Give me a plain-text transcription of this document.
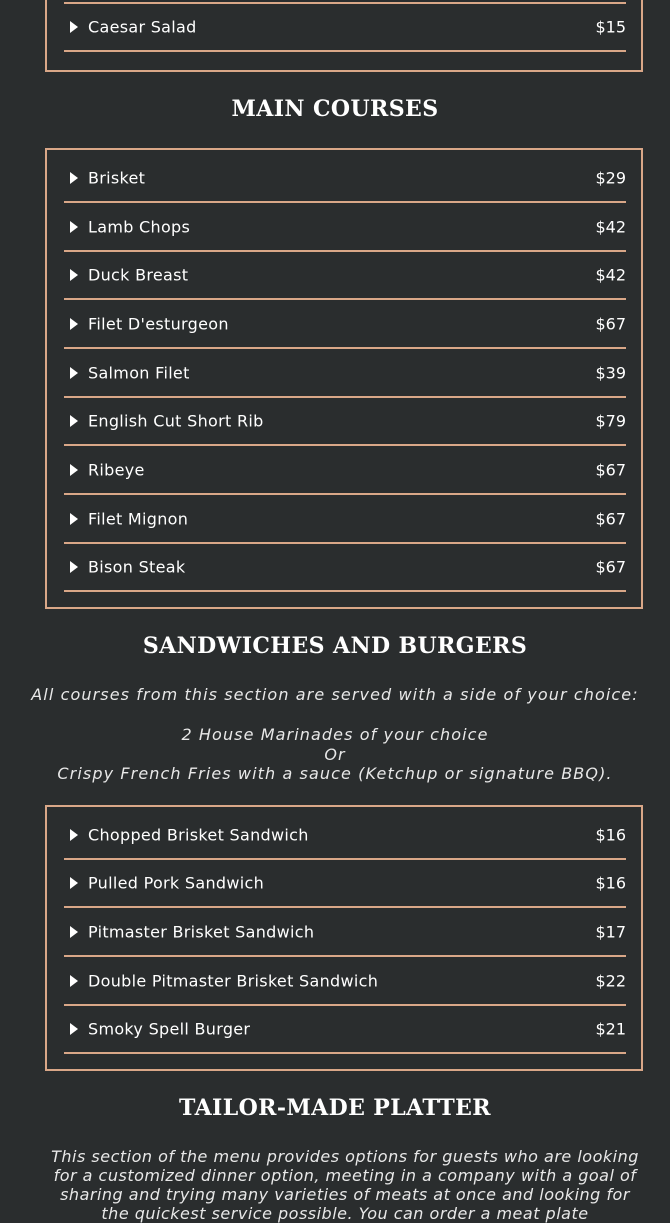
Caesar Salad	$15
MAIN COURSES
Brisket	$29
Lamb Chops	$42
Duck Breast	$42
Filet D'esturgeon	$67
Salmon Filet	$39
English Cut Short Rib	$79
Ribeye	$67
Filet Mignon	$67
Bison Steak	$67
SANDWICHES AND BURGERS
All courses from this section are served with a side of your choice:
2 House Marinades of your choice
Or
Crispy French Fries with a sauce (Ketchup or signature BBQ).
Chopped Brisket Sandwich	$16
Pulled Pork Sandwich	$16
Pitmaster Brisket Sandwich	$17
Double Pitmaster Brisket Sandwich	$22
Smoky Spell Burger	$21
TAILOR-MADE PLATTER
This section of the menu provides options for guests who are looking for a customized dinner option, meeting in a company with a goal of sharing and trying many varieties of meats at once and looking for the quickest service possible. You can order a meat plate
